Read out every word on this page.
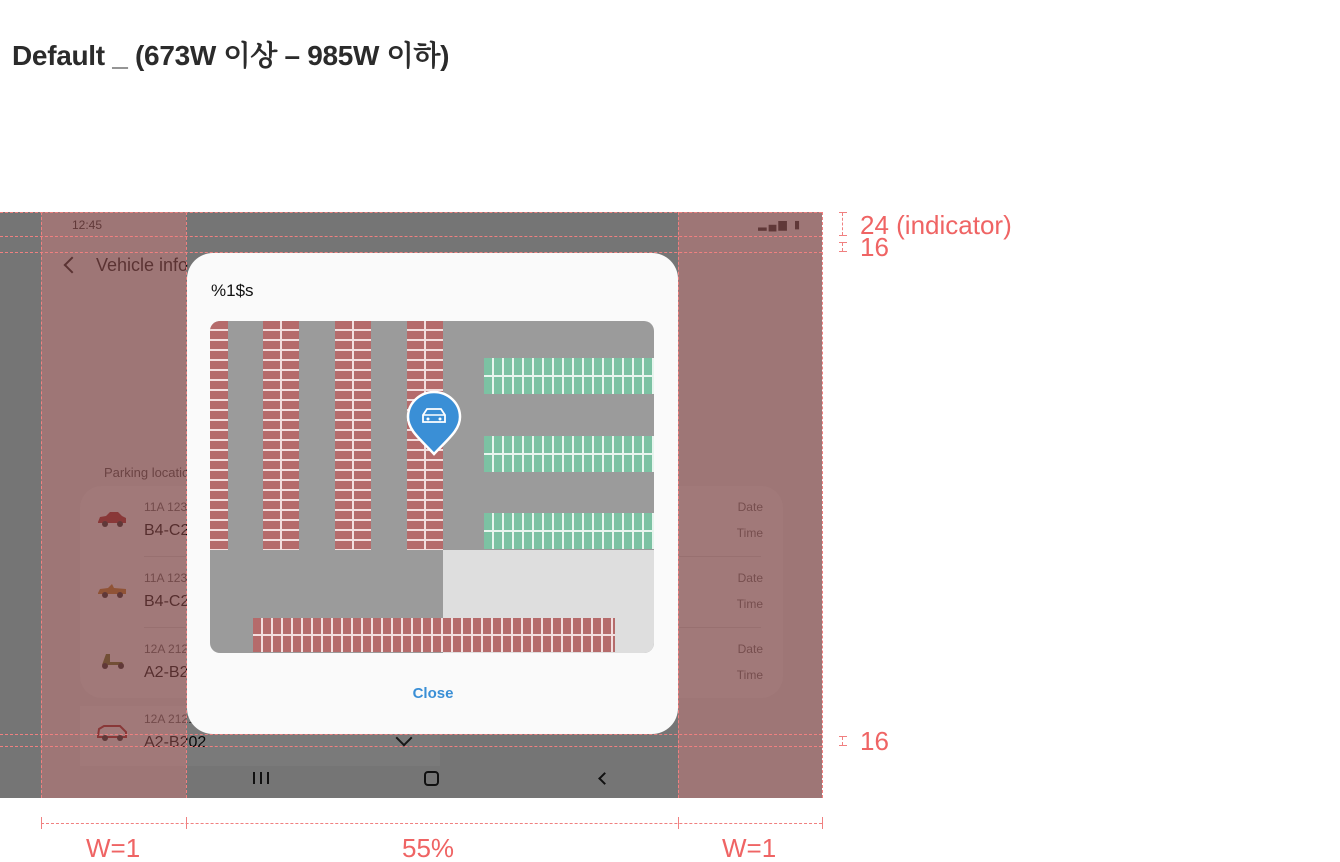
Default _ (673W 이상 – 985W 이하)
%1$s
Close
24 (indicator)
16
16
W=1	55%	W=1
